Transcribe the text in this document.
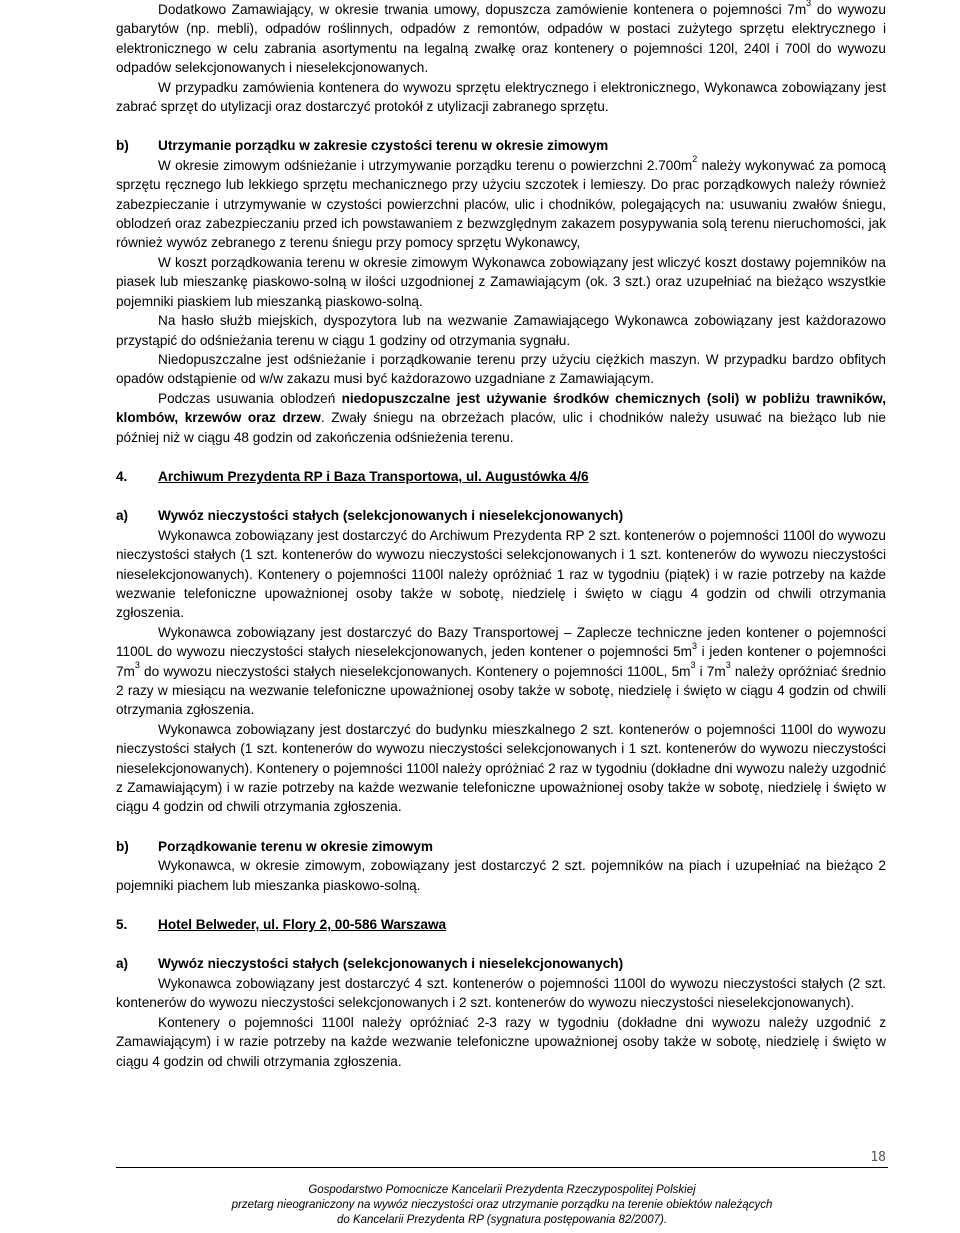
Dodatkowo Zamawiający, w okresie trwania umowy, dopuszcza zamówienie kontenera o pojemności $7m^3$ do wywozu gabarytów (np. mebli), odpadów roślinnych, odpadów z remontów, odpadów w postaci zużytego sprzętu elektrycznego i elektronicznego w celu zabrania asortymentu na legalną zwałkę oraz kontenery o pojemności 120l, 240l i 700l do wywozu odpadów selekcjonowanych i nieselekcjonowanych.

W przypadku zamówienia kontenera do wywozu sprzętu elektrycznego i elektronicznego, Wykonawca zobowiązany jest zabrać sprzęt do utylizacji oraz dostarczyć protokół z utylizacji zabranego sprzętu.

b)	Utrzymanie porządku w zakresie czystości terenu w okresie zimowym

W okresie zimowym odśnieżanie i utrzymywanie porządku terenu o powierzchni $2.700m^2$ należy wykonywać za pomocą sprzętu ręcznego lub lekkiego sprzętu mechanicznego przy użyciu szczotek i lemieszy. Do prac porządkowych należy również zabezpieczanie i utrzymywanie w czystości powierzchni placów, ulic i chodników, polegających na: usuwaniu zwałów śniegu, oblodzeń oraz zabezpieczaniu przed ich powstawaniem z bezwzględnym zakazem posypywania solą terenu nieruchomości, jak również wywóz zebranego z terenu śniegu przy pomocy sprzętu Wykonawcy,

W koszt porządkowania terenu w okresie zimowym Wykonawca zobowiązany jest wliczyć koszt dostawy pojemników na piasek lub mieszankę piaskowo-solną w ilości uzgodnionej z Zamawiającym (ok. 3 szt.) oraz uzupełniać na bieżąco wszystkie pojemniki piaskiem lub mieszanką piaskowo-solną.

Na hasło służb miejskich, dyspozytora lub na wezwanie Zamawiającego Wykonawca zobowiązany jest każdorazowo przystąpić do odśnieżania terenu w ciągu 1 godziny od otrzymania sygnału.

Niedopuszczalne jest odśnieżanie i porządkowanie terenu przy użyciu ciężkich maszyn. W przypadku bardzo obfitych opadów odstąpienie od w/w zakazu musi być każdorazowo uzgadniane z Zamawiającym.

Podczas usuwania oblodzeń niedopuszczalne jest używanie środków chemicznych (soli) w pobliżu trawników, klombów, krzewów oraz drzew. Zwały śniegu na obrzeżach placów, ulic i chodników należy usuwać na bieżąco lub nie później niż w ciągu 48 godzin od zakończenia odśnieżenia terenu.

4.	Archiwum Prezydenta RP i Baza Transportowa, ul. Augustówka 4/6
a)	Wywóz nieczystości stałych (selekcjonowanych i nieselekcjonowanych)

Wykonawca zobowiązany jest dostarczyć do Archiwum Prezydenta RP 2 szt. kontenerów o pojemności 1100l do wywozu nieczystości stałych (1 szt. kontenerów do wywozu nieczystości selekcjonowanych i 1 szt. kontenerów do wywozu nieczystości nieselekcjonowanych). Kontenery o pojemności 1100l należy opróżniać 1 raz w tygodniu (piątek) i w razie potrzeby na każde wezwanie telefoniczne upoważnionej osoby także w sobotę, niedzielę i święto w ciągu 4 godzin od chwili otrzymania zgłoszenia.

Wykonawca zobowiązany jest dostarczyć do Bazy Transportowej – Zaplecze techniczne jeden kontener o pojemności 1100L do wywozu nieczystości stałych nieselekcjonowanych, jeden kontener o pojemności $5m^3$ i jeden kontener o pojemności $7m^3$ do wywozu nieczystości stałych nieselekcjonowanych. Kontenery o pojemności 1100L, $5m^3$ i $7m^3$ należy opróżniać średnio 2 razy w miesiącu na wezwanie telefoniczne upoważnionej osoby także w sobotę, niedzielę i święto w ciągu 4 godzin od chwili otrzymania zgłoszenia.

Wykonawca zobowiązany jest dostarczyć do budynku mieszkalnego 2 szt. kontenerów o pojemności 1100l do wywozu nieczystości stałych (1 szt. kontenerów do wywozu nieczystości selekcjonowanych i 1 szt. kontenerów do wywozu nieczystości nieselekcjonowanych). Kontenery o pojemności 1100l należy opróżniać 2 raz w tygodniu (dokładne dni wywozu należy uzgodnić z Zamawiającym) i w razie potrzeby na każde wezwanie telefoniczne upoważnionej osoby także w sobotę, niedzielę i święto w ciągu 4 godzin od chwili otrzymania zgłoszenia.

b)	Porządkowanie terenu w okresie zimowym

Wykonawca, w okresie zimowym, zobowiązany jest dostarczyć 2 szt. pojemników na piach i uzupełniać na bieżąco 2 pojemniki piachem lub mieszanka piaskowo-solną.

5.	Hotel Belweder, ul. Flory 2, 00-586 Warszawa
a)	Wywóz nieczystości stałych (selekcjonowanych i nieselekcjonowanych)

Wykonawca zobowiązany jest dostarczyć 4 szt. kontenerów o pojemności 1100l do wywozu nieczystości stałych (2 szt. kontenerów do wywozu nieczystości selekcjonowanych i 2 szt. kontenerów do wywozu nieczystości nieselekcjonowanych).

Kontenery o pojemności 1100l należy opróżniać 2-3 razy w tygodniu (dokładne dni wywozu należy uzgodnić z Zamawiającym) i w razie potrzeby na każde wezwanie telefoniczne upoważnionej osoby także w sobotę, niedzielę i święto w ciągu 4 godzin od chwili otrzymania zgłoszenia.

18
Gospodarstwo Pomocnicze Kancelarii Prezydenta Rzeczypospolitej Polskiej
przetarg nieograniczony na wywóz nieczystości oraz utrzymanie porządku na terenie obiektów należących
do Kancelarii Prezydenta RP (sygnatura postępowania 82/2007).
